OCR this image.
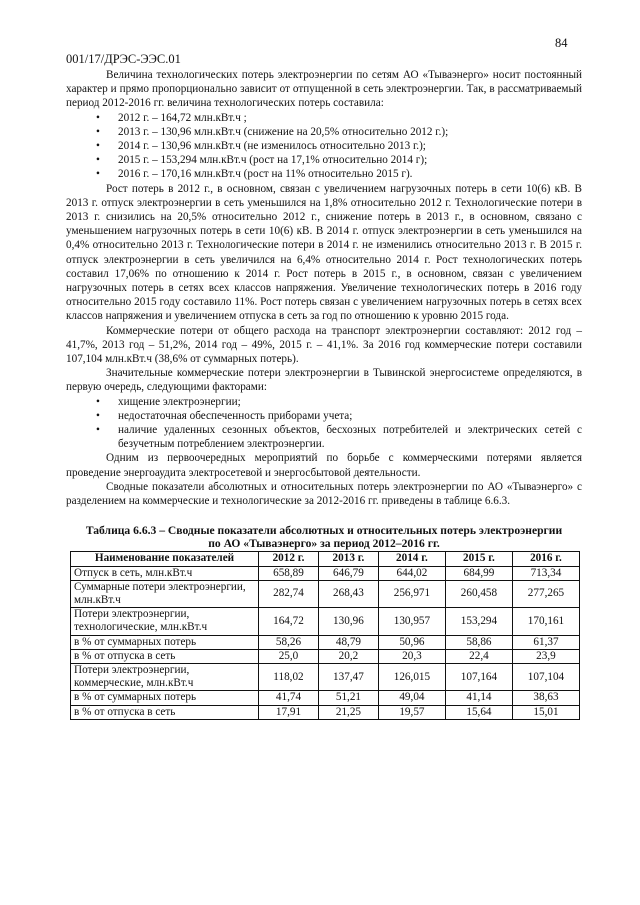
84
001/17/ДРЭС-ЭЭС.01

Величина технологических потерь электроэнергии по сетям АО «Тываэнерго» носит постоянный характер и прямо пропорционально зависит от отпущенной в сеть электроэнергии. Так, в рассматриваемый период 2012-2016 гг. величина технологических потерь составила:

• 2012 г. – 164,72 млн.кВт.ч ;
• 2013 г. – 130,96 млн.кВт.ч (снижение на 20,5% относительно 2012 г.);
• 2014 г. – 130,96 млн.кВт.ч (не изменилось относительно 2013 г.);
• 2015 г. – 153,294 млн.кВт.ч (рост на 17,1% относительно 2014 г);
• 2016 г. – 170,16 млн.кВт.ч (рост на 11% относительно 2015 г).

Рост потерь в 2012 г., в основном, связан с увеличением нагрузочных потерь в сети 10(6) кВ. В 2013 г. отпуск электроэнергии в сеть уменьшился на 1,8% относительно 2012 г. Технологические потери в 2013 г. снизились на 20,5% относительно 2012 г., снижение потерь в 2013 г., в основном, связано с уменьшением нагрузочных потерь в сети 10(6) кВ. В 2014 г. отпуск электроэнергии в сеть уменьшился на 0,4% относительно 2013 г. Технологические потери в 2014 г. не изменились относительно 2013 г. В 2015 г. отпуск электроэнергии в сеть увеличился на 6,4% относительно 2014 г. Рост технологических потерь составил 17,06% по отношению к 2014 г. Рост потерь в 2015 г., в основном, связан с увеличением нагрузочных потерь в сетях всех классов напряжения. Увеличение технологических потерь в 2016 году относительно 2015 году составило 11%. Рост потерь связан с увеличением нагрузочных потерь в сетях всех классов напряжения и увеличением отпуска в сеть за год по отношению к уровню 2015 года.

Коммерческие потери от общего расхода на транспорт электроэнергии составляют: 2012 год – 41,7%, 2013 год – 51,2%, 2014 год – 49%, 2015 г. – 41,1%. За 2016 год коммерческие потери составили 107,104 млн.кВт.ч (38,6% от суммарных потерь).

Значительные коммерческие потери электроэнергии в Тывинской энергосистеме определяются, в первую очередь, следующими факторами:

• хищение электроэнергии;
• недостаточная обеспеченность приборами учета;
• наличие удаленных сезонных объектов, бесхозных потребителей и электрических сетей с безучетным потреблением электроэнергии.

Одним из первоочередных мероприятий по борьбе с коммерческими потерями является проведение энергоаудита электросетевой и энергосбытовой деятельности.

Сводные показатели абсолютных и относительных потерь электроэнергии по АО «Тываэнерго» с разделением на коммерческие и технологические за 2012-2016 гг. приведены в таблице 6.6.3.

Таблица 6.6.3 – Сводные показатели абсолютных и относительных потерь электроэнергии
по АО «Тываэнерго» за период 2012–2016 гг.
Наименование показателей	2012 г.	2013 г.	2014 г.	2015 г.	2016 г.
Отпуск в сеть, млн.кВт.ч	658,89	646,79	644,02	684,99	713,34
Суммарные потери электроэнергии, млн.кВт.ч	282,74	268,43	256,971	260,458	277,265
Потери электроэнергии, технологические, млн.кВт.ч	164,72	130,96	130,957	153,294	170,161
в % от суммарных потерь	58,26	48,79	50,96	58,86	61,37
в % от отпуска в сеть	25,0	20,2	20,3	22,4	23,9
Потери электроэнергии, коммерческие, млн.кВт.ч	118,02	137,47	126,015	107,164	107,104
в % от суммарных потерь	41,74	51,21	49,04	41,14	38,63
в % от отпуска в сеть	17,91	21,25	19,57	15,64	15,01
